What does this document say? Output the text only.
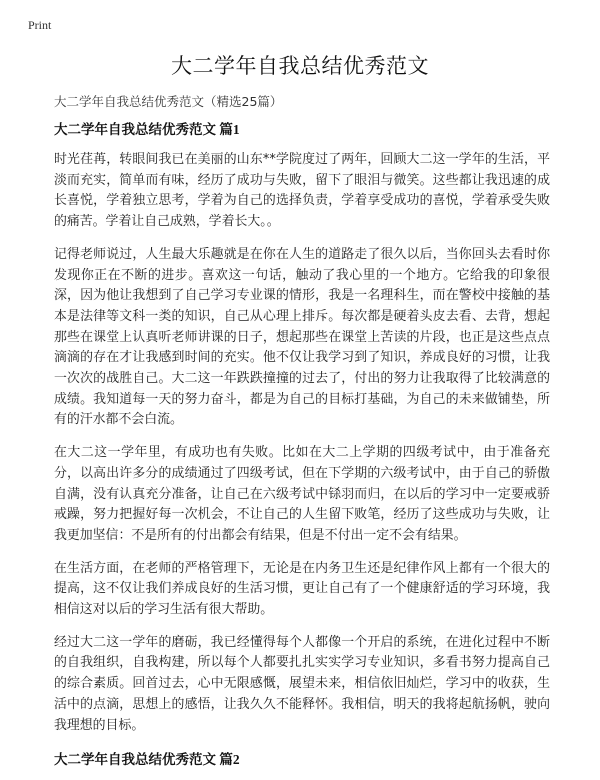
Print
大二学年自我总结优秀范文
大二学年自我总结优秀范文（精选25篇）
大二学年自我总结优秀范文 篇1

时光荏苒，转眼间我已在美丽的山东**学院度过了两年，回顾大二这一学年的生活，平淡而充实，简单而有味，经历了成功与失败，留下了眼泪与微笑。这些都让我迅速的成长喜悦，学着独立思考，学着为自己的选择负责，学着享受成功的喜悦，学着承受失败的痛苦。学着让自己成熟，学着长大。。

记得老师说过，人生最大乐趣就是在你在人生的道路走了很久以后，当你回头去看时你发现你正在不断的进步。喜欢这一句话，触动了我心里的一个地方。它给我的印象很深，因为他让我想到了自己学习专业课的情形，我是一名理科生，而在警校中接触的基本是法律等文科一类的知识，自己从心理上排斥。每次都是硬着头皮去看、去背，想起那些在课堂上认真听老师讲课的日子，想起那些在课堂上苦读的片段，也正是这些点点滴滴的存在才让我感到时间的充实。他不仅让我学习到了知识，养成良好的习惯，让我一次次的战胜自己。大二这一年跌跌撞撞的过去了，付出的努力让我取得了比较满意的成绩。我知道每一天的努力奋斗，都是为自己的目标打基础，为自己的未来做铺垫，所有的汗水都不会白流。

在大二这一学年里，有成功也有失败。比如在大二上学期的四级考试中，由于准备充分，以高出许多分的成绩通过了四级考试，但在下学期的六级考试中，由于自己的骄傲自满，没有认真充分准备，让自己在六级考试中铩羽而归，在以后的学习中一定要戒骄戒躁，努力把握好每一次机会，不让自己的人生留下败笔，经历了这些成功与失败，让我更加坚信：不是所有的付出都会有结果，但是不付出一定不会有结果。

在生活方面，在老师的严格管理下，无论是在内务卫生还是纪律作风上都有一个很大的提高，这不仅让我们养成良好的生活习惯，更让自己有了一个健康舒适的学习环境，我相信这对以后的学习生活有很大帮助。

经过大二这一学年的磨砺，我已经懂得每个人都像一个开启的系统，在进化过程中不断的自我组织，自我构建，所以每个人都要扎扎实实学习专业知识，多看书努力提高自己的综合素质。回首过去，心中无限感慨，展望未来，相信依旧灿烂，学习中的收获，生活中的点滴，思想上的感悟，让我久久不能释怀。我相信，明天的我将起航扬帆，驶向我理想的目标。

大二学年自我总结优秀范文 篇2
